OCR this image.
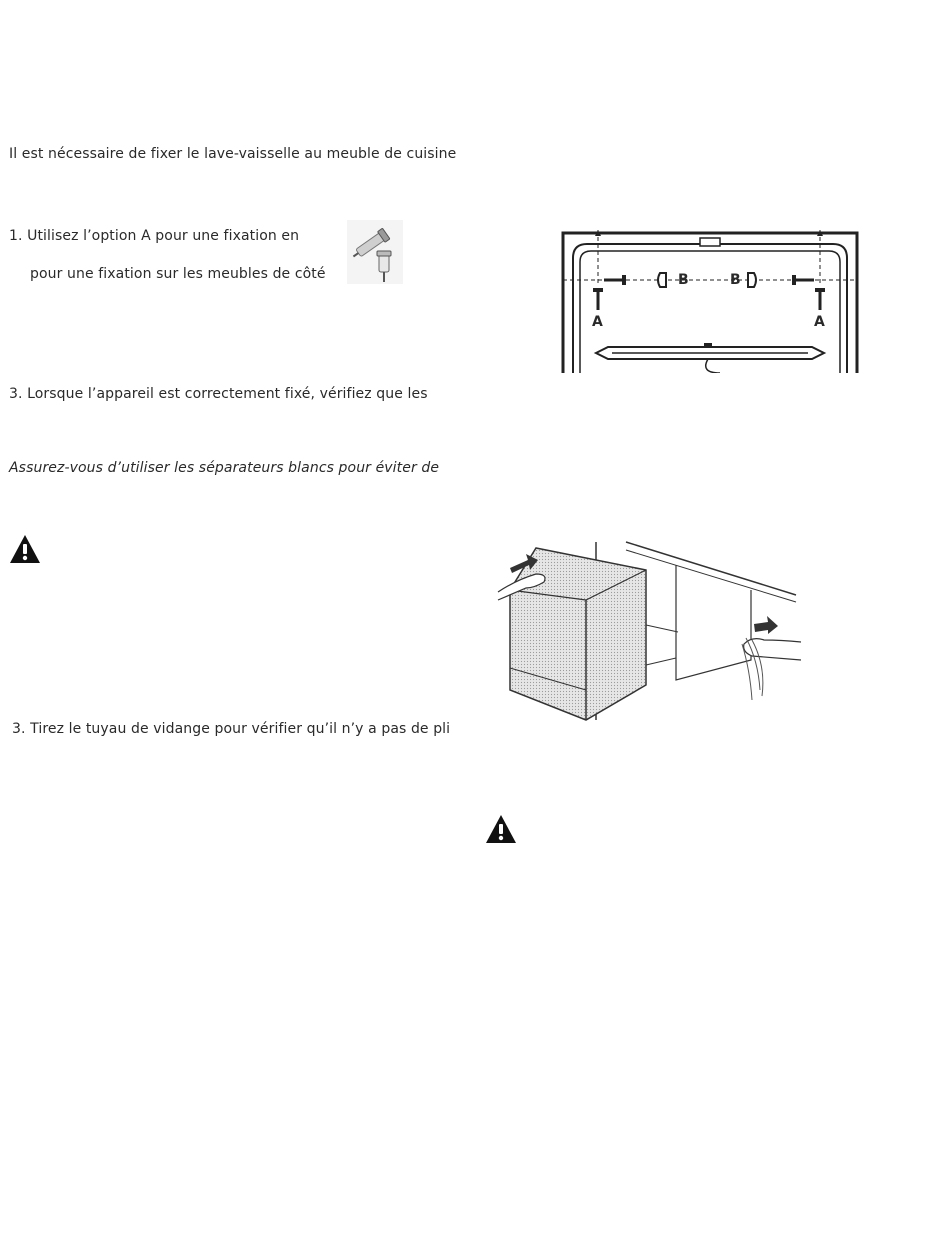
Il est nécessaire de fixer le lave-vaisselle au meuble de cuisine
1. Utilisez l’option A pour une fixation en
pour une fixation sur les meubles de côté
A
B	B
A
3. Lorsque l’appareil est correctement fixé, vérifiez que les
Assurez-vous d’utiliser les séparateurs blancs pour éviter de
3. Tirez le tuyau de vidange pour vérifier qu’il n’y a pas de pli
